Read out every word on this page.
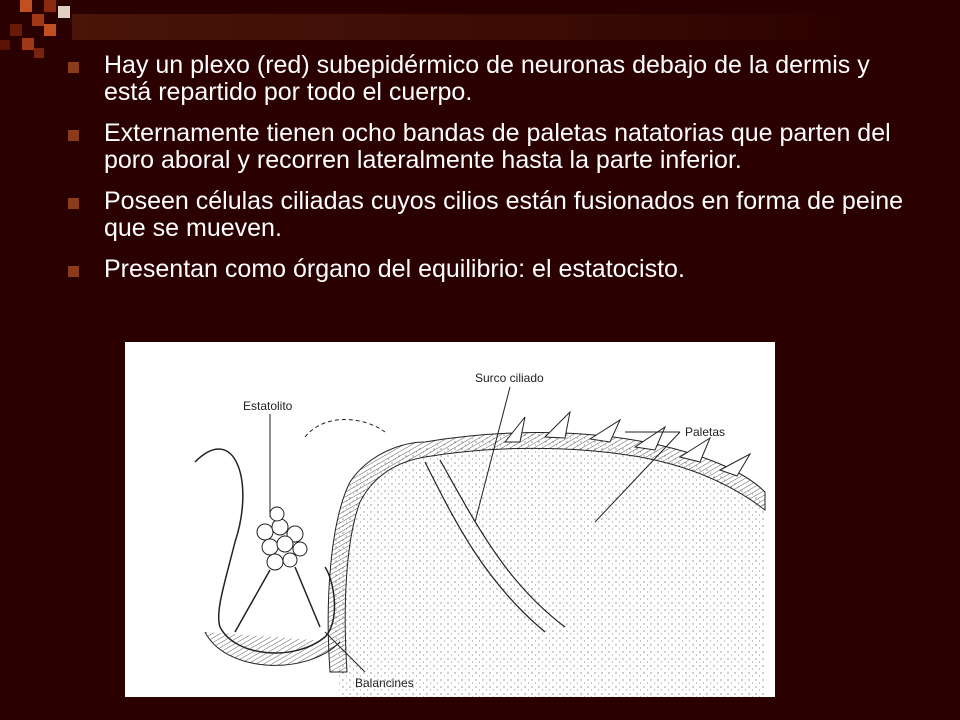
Hay un plexo (red) subepidérmico de neuronas debajo de la dermis y está repartido por todo el cuerpo.
Externamente tienen ocho bandas de paletas natatorias que parten del poro aboral y recorren lateralmente hasta la parte inferior.
Poseen células ciliadas cuyos cilios están fusionados en forma de peine que se mueven.
Presentan como órgano del equilibrio: el estatocisto.
Estatolito
Surco ciliado
Paletas
Balancines
